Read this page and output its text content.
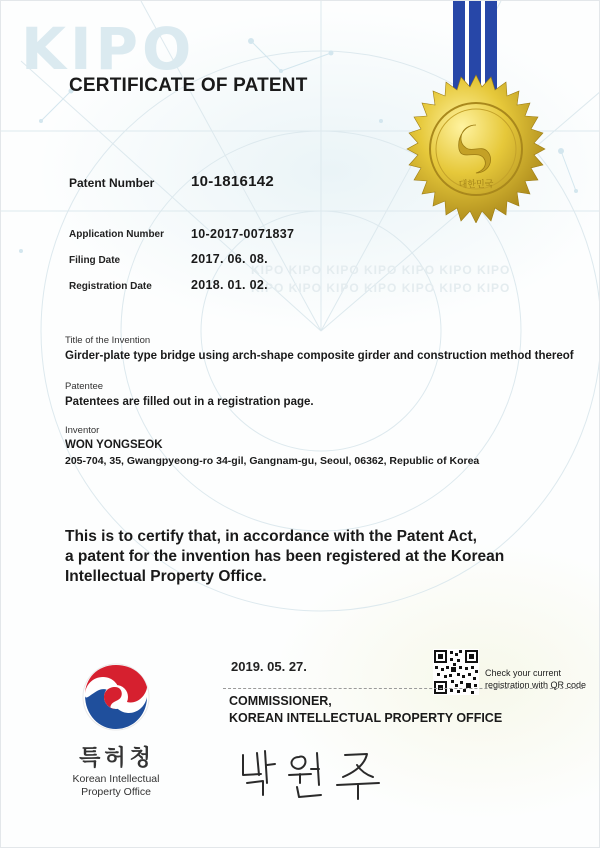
KIPO
KIPO KIPO KIPO KIPO KIPO KIPO KIPO
KIPO KIPO KIPO KIPO KIPO KIPO KIPO
대한민국
CERTIFICATE OF PATENT
Patent Number 10-1816142
Application Number 10-2017-0071837
Filing Date	2017. 06. 08.
Registration Date	2018. 01. 02.
Title of the Invention
Girder-plate type bridge using arch-shape composite girder and construction method thereof
Patentee
Patentees are filled out in a registration page.
Inventor
WON YONGSEOK
205-704, 35, Gwangpyeong-ro 34-gil, Gangnam-gu, Seoul, 06362, Republic of Korea
This is to certify that, in accordance with the Patent Act,
a patent for the invention has been registered at the Korean
Intellectual Property Office.
2019. 05. 27.	Check your current
registration with QR code
COMMISSIONER,
KOREAN INTELLECTUAL PROPERTY OFFICE
특허청
Korean Intellectual
Property Office
